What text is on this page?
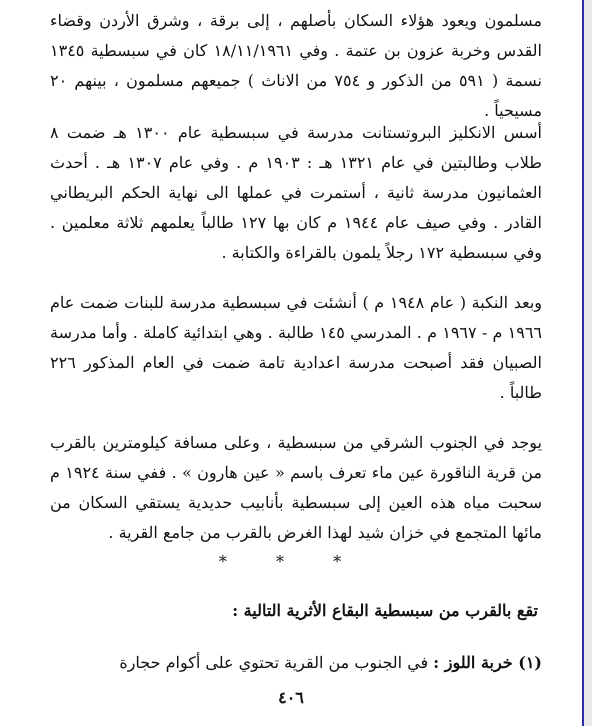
مسلمون ويعود هؤلاء السكان بأصلهم ، إلى برقة ، وشرق الأردن وقضاء القدس وخربة عزون بن عتمة . وفي ١٨/١١/١٩٦١ كان في سبسطية ١٣٤٥ نسمة ( ٥٩١ من الذكور و ٧٥٤ من الاناث ) جميعهم مسلمون ، بينهم ٢٠ مسيحياً .

أسس الانكليز البروتستانت مدرسة في سبسطية عام ١٣٠٠ هـ ضمت ٨ طلاب وطالبتين في عام ١٣٢١ هـ : ١٩٠٣ م . وفي عام ١٣٠٧ هـ . أحدث العثمانيون مدرسة ثانية ، أستمرت في عملها الى نهاية الحكم البريطاني القادر . وفي صيف عام ١٩٤٤ م كان بها ١٢٧ طالباً يعلمهم ثلاثة معلمين . وفي سبسطية ١٧٢ رجلاً يلمون بالقراءة والكتابة .

وبعد النكبة ( عام ١٩٤٨ م ) أنشئت في سبسطية مدرسة للبنات ضمت عام ١٩٦٦ م - ١٩٦٧ م . المدرسي ١٤٥ طالبة . وهي ابتدائية كاملة . وأما مدرسة الصبيان فقد أصبحت مدرسة اعدادية تامة ضمت في العام المذكور ٢٢٦ طالباً .

يوجد في الجنوب الشرقي من سبسطية ، وعلى مسافة كيلومترين بالقرب من قرية الناقورة عين ماء تعرف باسم « عين هارون » . ففي سنة ١٩٢٤ م سحبت مياه هذه العين إلى سبسطية بأنابيب حديدية يستقي السكان من مائها المتجمع في خزان شيد لهذا الغرض بالقرب من جامع القرية .

* * *

تقع بالقرب من سبسطية البقاع الأثرية التالية :

(١) خربة اللوز : في الجنوب من القرية تحتوي على أكوام حجارة

٤٠٦
